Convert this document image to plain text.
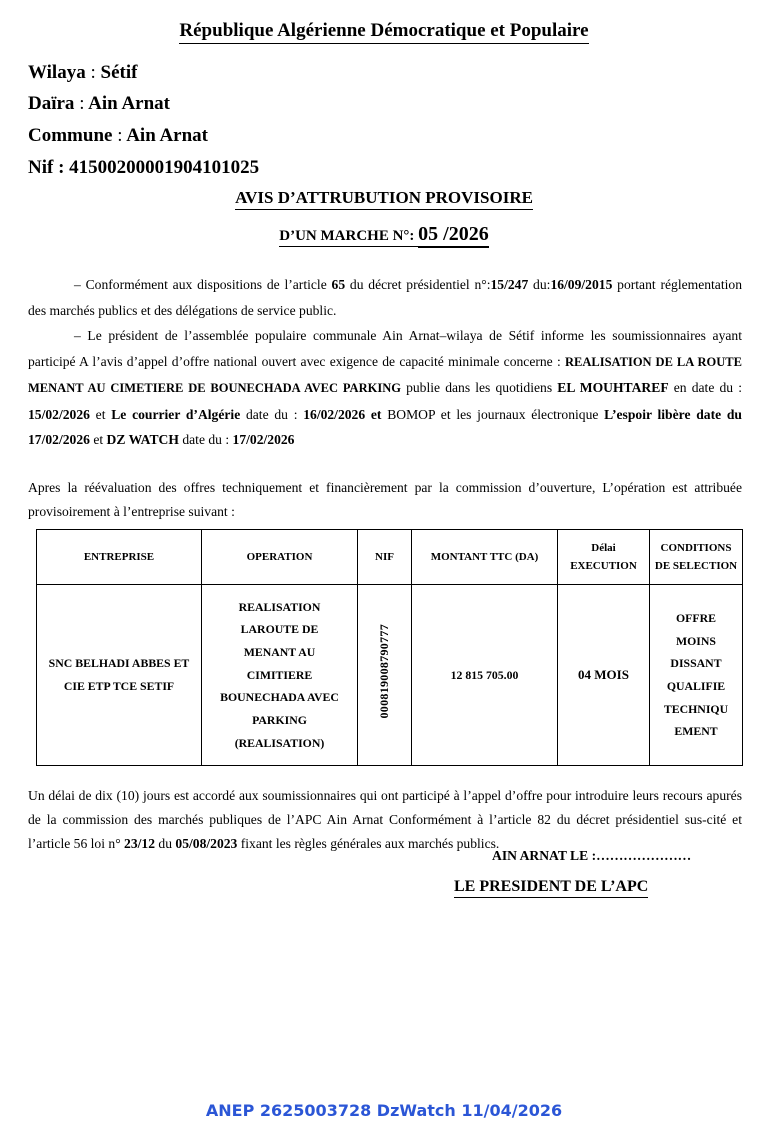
République Algérienne Démocratique et Populaire
Wilaya : Sétif
Daïra : Ain Arnat
Commune : Ain Arnat
Nif : 41500200001904101025
AVIS D’ATTRUBUTION PROVISOIRE
D’UN MARCHE N°: 05 /2026
– Conformément aux dispositions de l’article 65 du décret présidentiel n°:15/247 du:16/09/2015 portant réglementation des marchés publics et des délégations de service public.
– Le président de l’assemblée populaire communale Ain Arnat–wilaya de Sétif informe les soumissionnaires ayant participé A l’avis d’appel d’offre national ouvert avec exigence de capacité minimale concerne : REALISATION DE LA ROUTE MENANT AU CIMETIERE DE BOUNECHADA AVEC PARKING publie dans les quotidiens EL MOUHTAREF en date du : 15/02/2026 et Le courrier d’Algérie date du : 16/02/2026 et BOMOP et les journaux électronique L’espoir libère date du 17/02/2026 et DZ WATCH date du : 17/02/2026
Apres la réévaluation des offres techniquement et financièrement par la commission d’ouverture, L’opération est attribuée provisoirement à l’entreprise suivant :
ENTREPRISE	OPERATION	NIF	MONTANT TTC (DA)	Délai EXECUTION	CONDITIONS DE SELECTION
SNC BELHADI ABBES ET CIE ETP TCE SETIF	REALISATION LAROUTE DE MENANT AU CIMITIERE BOUNECHADA AVEC PARKING (REALISATION)	000819008790777	12 815 705.00	04 MOIS	OFFRE MOINS DISSANT QUALIFIE TECHNIQU EMENT
Un délai de dix (10) jours est accordé aux soumissionnaires qui ont participé à l’appel d’offre pour introduire leurs recours apurés de la commission des marchés publiques de l’APC Ain Arnat Conformément à l’article 82 du décret présidentiel sus-cité et l’article 56 loi n° 23/12 du 05/08/2023 fixant les règles générales aux marchés publics.
AIN ARNAT LE :…………………
LE PRESIDENT DE L’APC
ANEP 2625003728 DzWatch 11/04/2026
